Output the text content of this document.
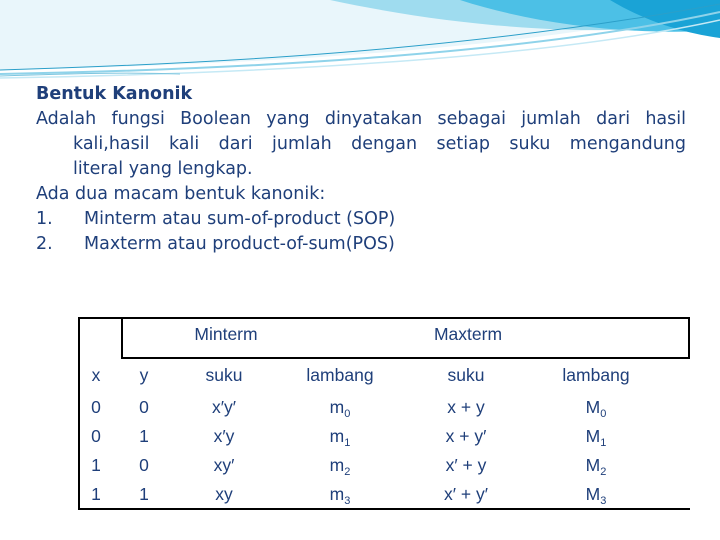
Bentuk Kanonik
Adalah fungsi Boolean yang dinyatakan sebagai jumlah dari hasil
kali,hasil kali dari jumlah dengan setiap suku mengandung
literal yang lengkap.
Ada dua macam bentuk kanonik:
1. Minterm atau sum-of-product (SOP)
2. Maxterm atau product-of-sum(POS)
Minterm	Maxterm
x	y	suku	lambang	suku	lambang
0	0	x′y′	$m_0$	x + y	$M_0$
0	1	x′y	$m_1$	x + y′	$M_1$
1	0	xy′	$m_2$	x′ + y	$M_2$
1	1	xy	$m_3$	x′ + y′	$M_3$
